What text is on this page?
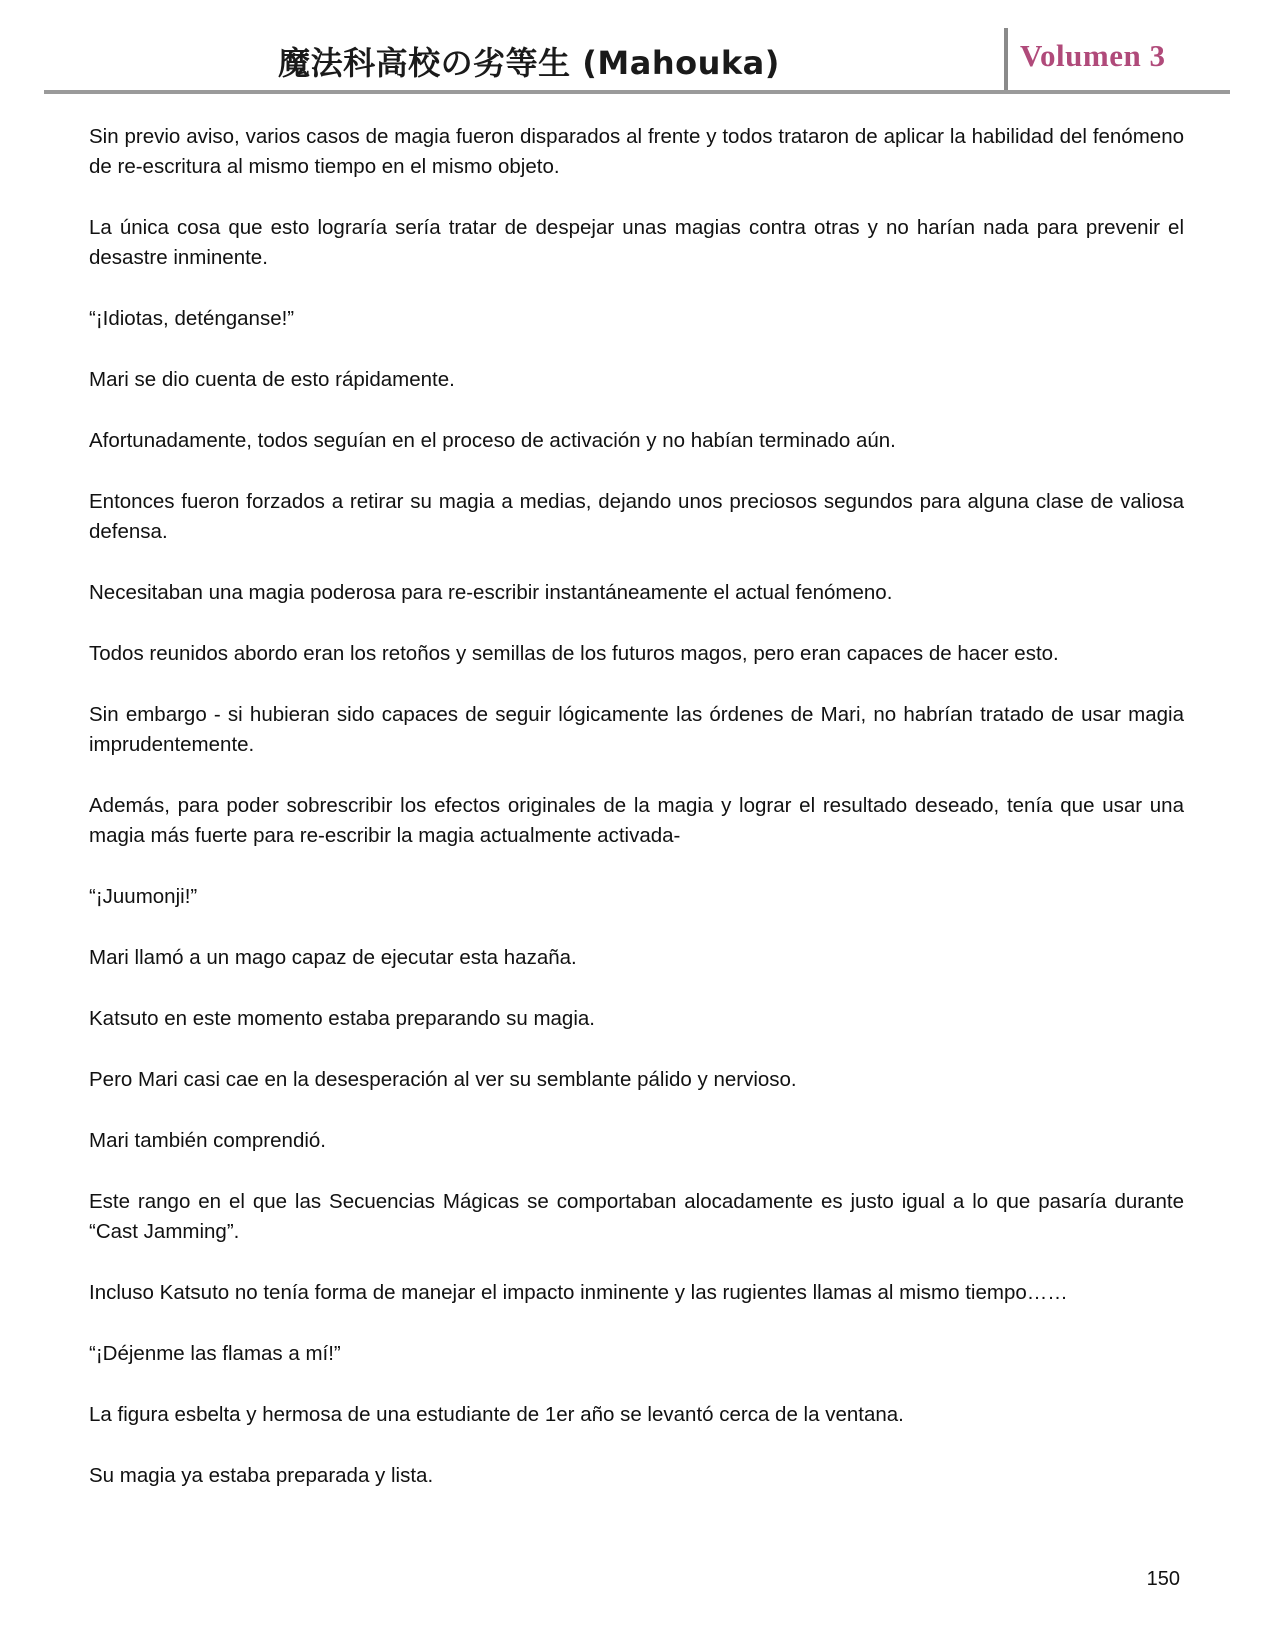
魔法科高校の劣等生 (Mahouka)	Volumen 3

Sin previo aviso, varios casos de magia fueron disparados al frente y todos trataron de aplicar la habilidad del fenómeno de re-escritura al mismo tiempo en el mismo objeto.

La única cosa que esto lograría sería tratar de despejar unas magias contra otras y no harían nada para prevenir el desastre inminente.

“¡Idiotas, deténganse!”

Mari se dio cuenta de esto rápidamente.

Afortunadamente, todos seguían en el proceso de activación y no habían terminado aún.

Entonces fueron forzados a retirar su magia a medias, dejando unos preciosos segundos para alguna clase de valiosa defensa.

Necesitaban una magia poderosa para re-escribir instantáneamente el actual fenómeno.

Todos reunidos abordo eran los retoños y semillas de los futuros magos, pero eran capaces de hacer esto.

Sin embargo - si hubieran sido capaces de seguir lógicamente las órdenes de Mari, no habrían tratado de usar magia imprudentemente.

Además, para poder sobrescribir los efectos originales de la magia y lograr el resultado deseado, tenía que usar una magia más fuerte para re-escribir la magia actualmente activada-

“¡Juumonji!”

Mari llamó a un mago capaz de ejecutar esta hazaña.

Katsuto en este momento estaba preparando su magia.

Pero Mari casi cae en la desesperación al ver su semblante pálido y nervioso.

Mari también comprendió.

Este rango en el que las Secuencias Mágicas se comportaban alocadamente es justo igual a lo que pasaría durante “Cast Jamming”.

Incluso Katsuto no tenía forma de manejar el impacto inminente y las rugientes llamas al mismo tiempo……

“¡Déjenme las flamas a mí!”

La figura esbelta y hermosa de una estudiante de 1er año se levantó cerca de la ventana.

Su magia ya estaba preparada y lista.

150
